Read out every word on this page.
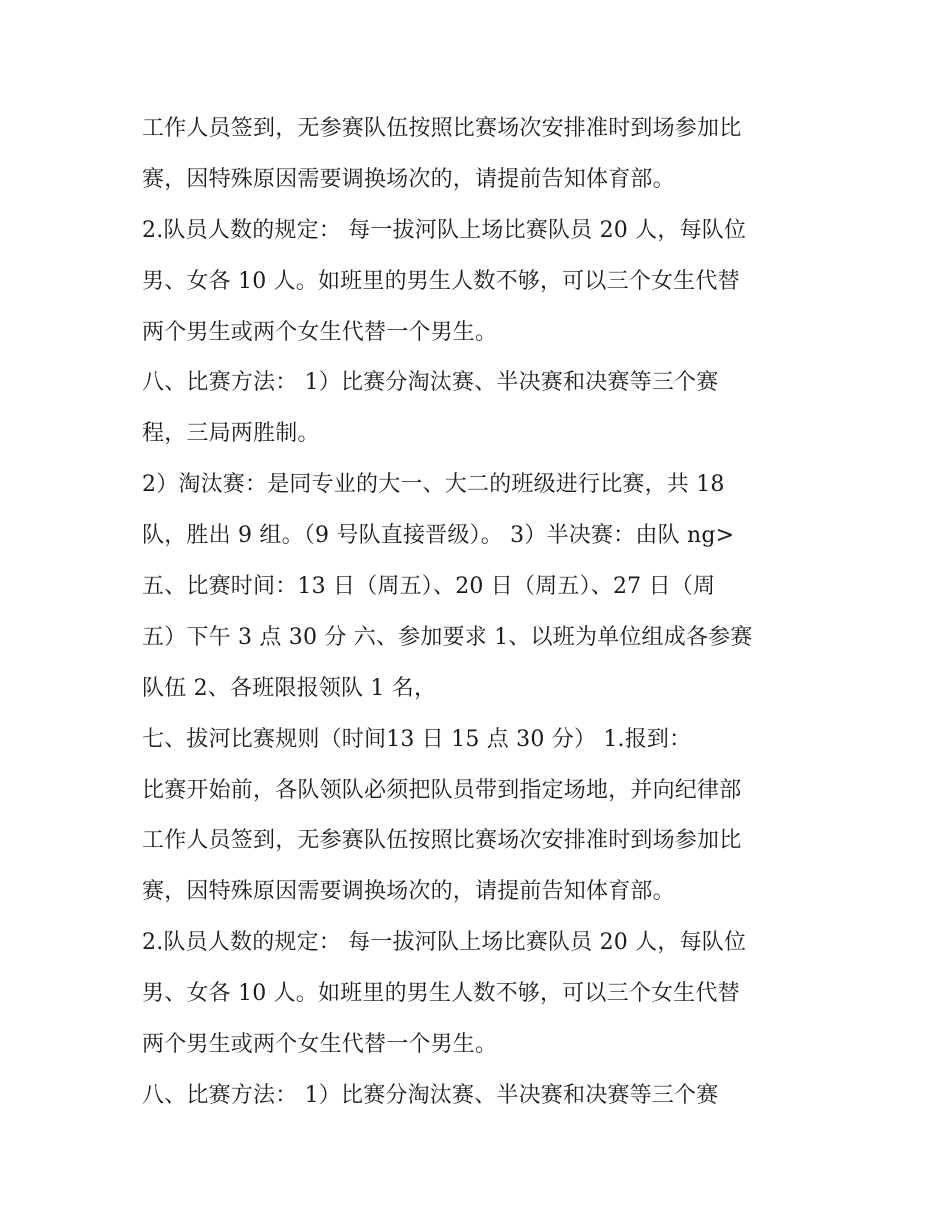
工作人员签到，无参赛队伍按照比赛场次安排准时到场参加比
赛，因特殊原因需要调换场次的，请提前告知体育部。
2.队员人数的规定： 每一拔河队上场比赛队员 20 人，每队位
男、女各 10 人。如班里的男生人数不够，可以三个女生代替
两个男生或两个女生代替一个男生。
八、比赛方法： 1）比赛分淘汰赛、半决赛和决赛等三个赛
程，三局两胜制。
2）淘汰赛：是同专业的大一、大二的班级进行比赛，共 18
队，胜出 9 组。（9 号队直接晋级）。 3）半决赛：由队 ng>
五、比赛时间：13 日（周五）、20 日（周五）、27 日（周
五）下午 3 点 30 分 六、参加要求 1、以班为单位组成各参赛
队伍 2、各班限报领队 1 名，
七、拔河比赛规则（时间13 日 15 点 30 分） 1.报到：
比赛开始前，各队领队必须把队员带到指定场地，并向纪律部
工作人员签到，无参赛队伍按照比赛场次安排准时到场参加比
赛，因特殊原因需要调换场次的，请提前告知体育部。
2.队员人数的规定： 每一拔河队上场比赛队员 20 人，每队位
男、女各 10 人。如班里的男生人数不够，可以三个女生代替
两个男生或两个女生代替一个男生。
八、比赛方法： 1）比赛分淘汰赛、半决赛和决赛等三个赛
